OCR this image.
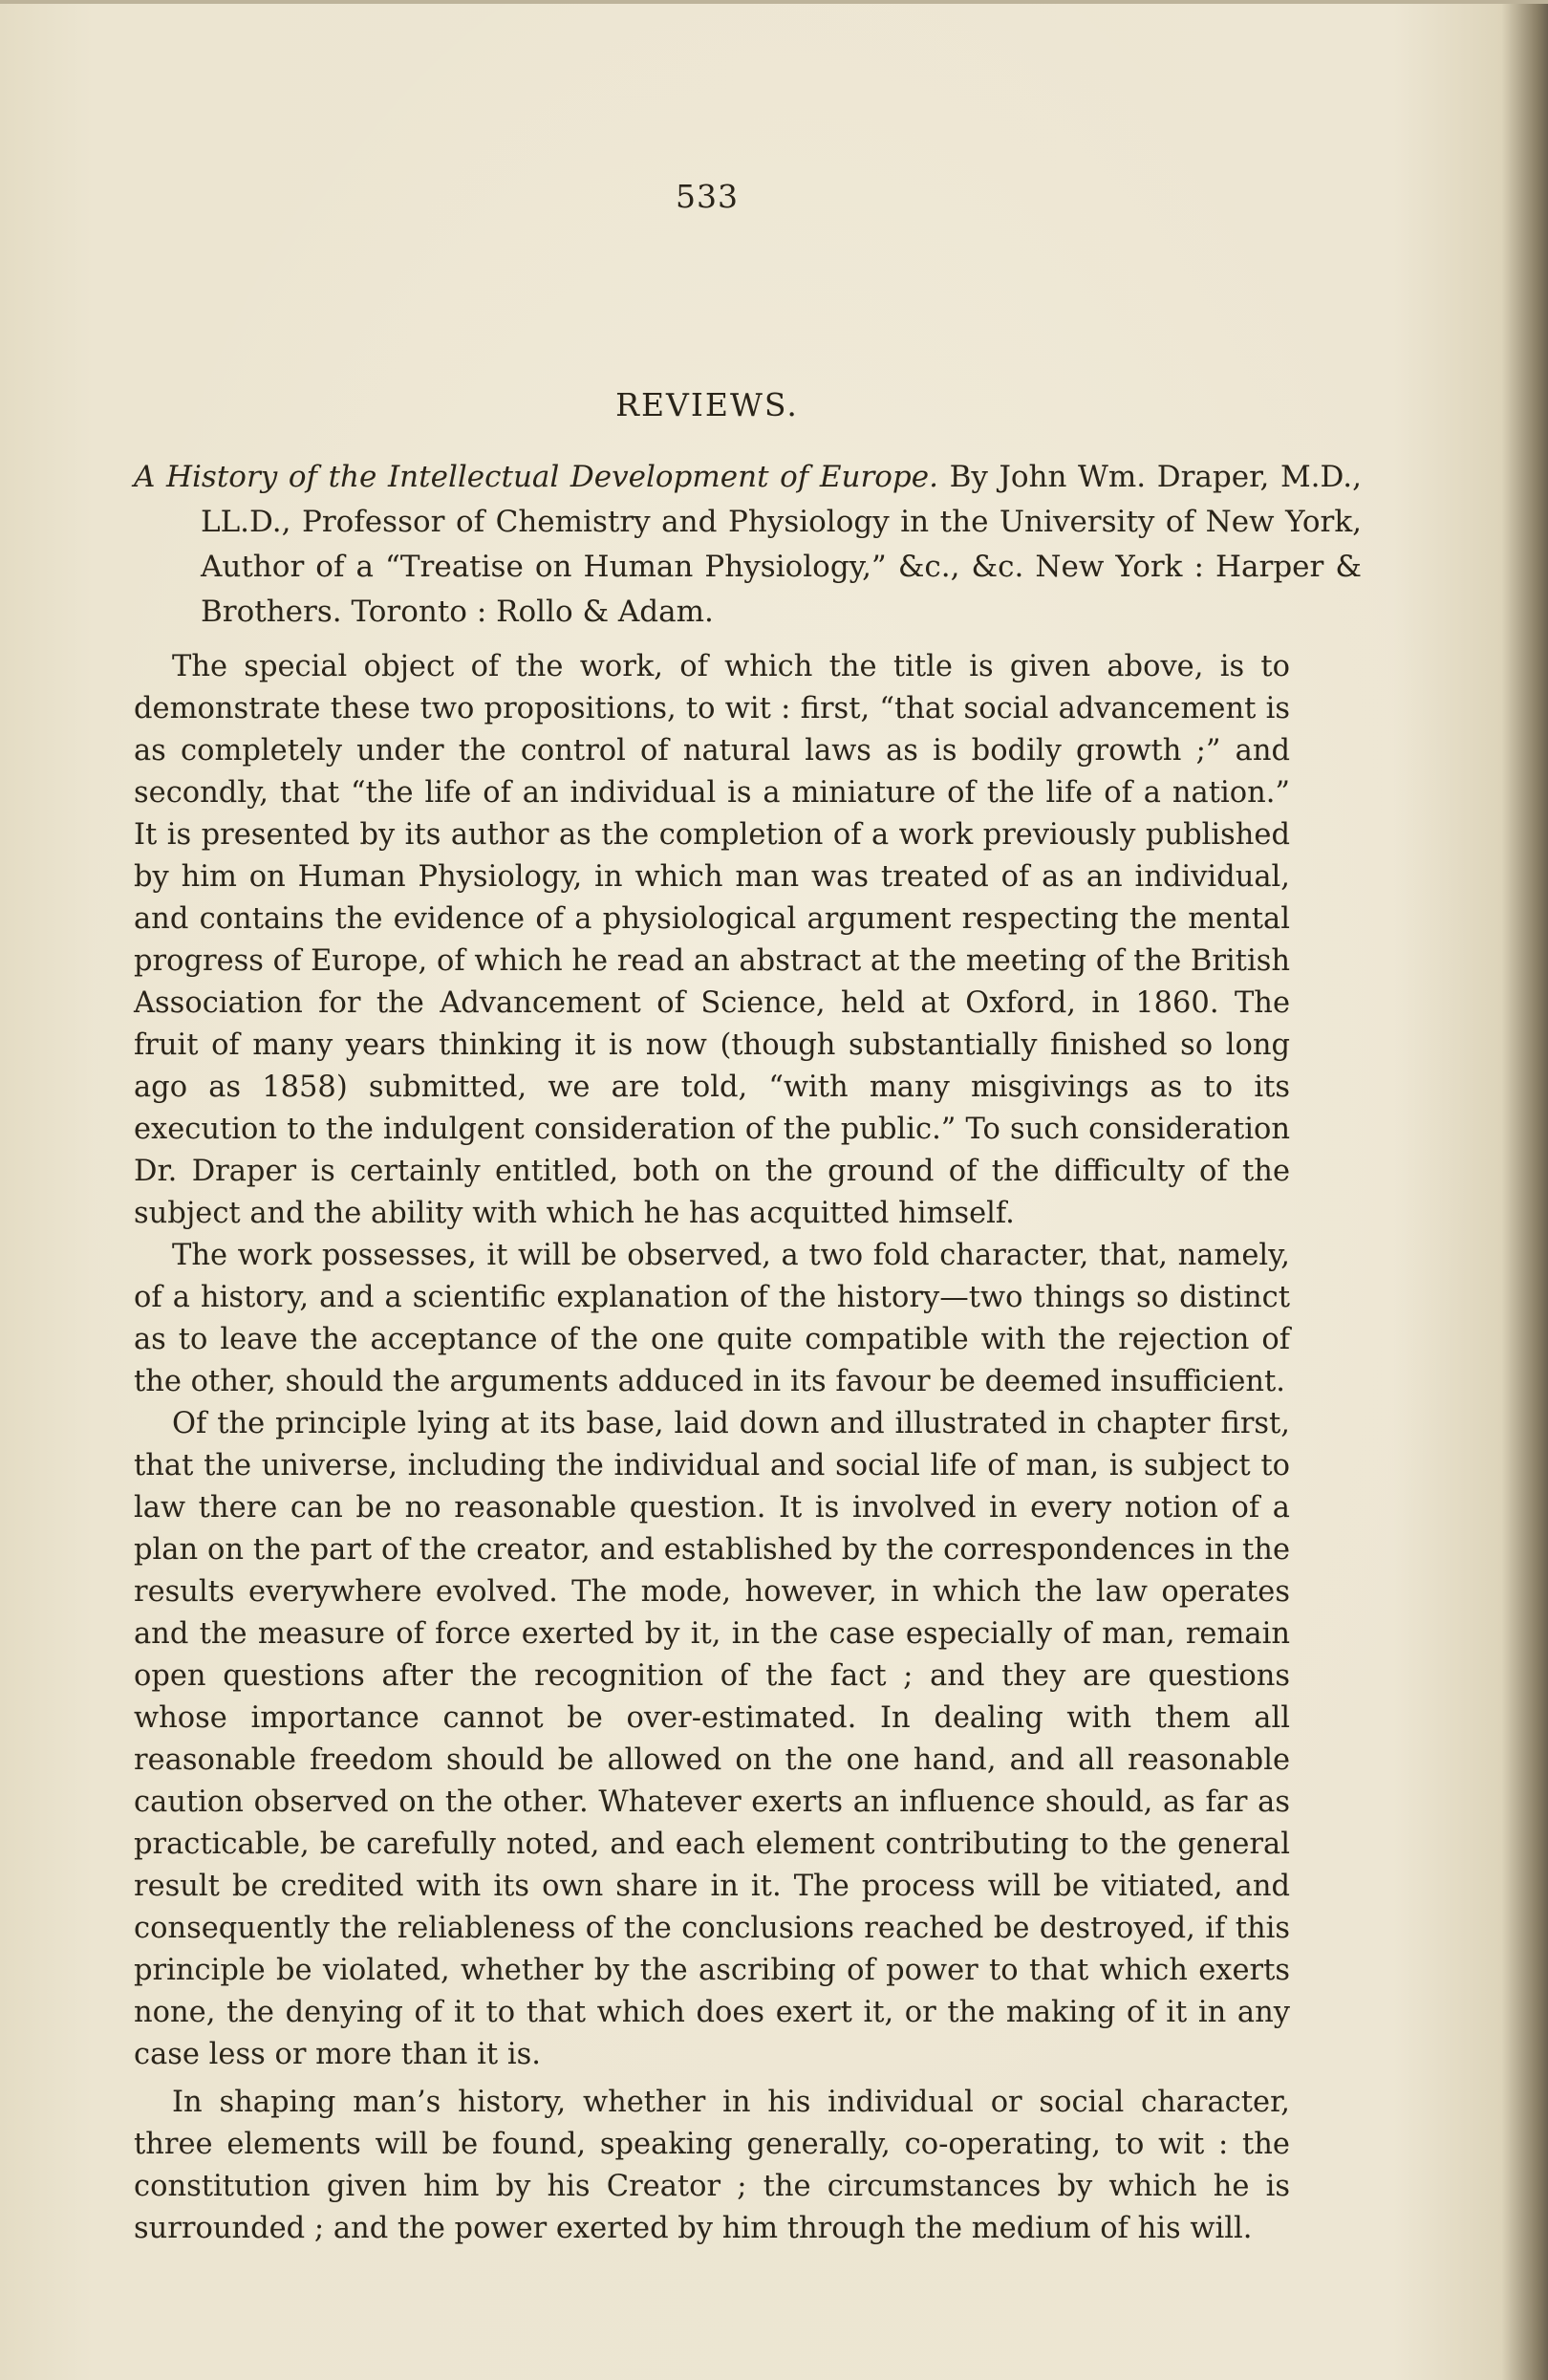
533
REVIEWS.
A History of the Intellectual Development of Europe. By John Wm. Draper, M.D., LL.D., Professor of Chemistry and Physiology in the University of New York, Author of a “Treatise on Human Physiology,” &c., &c. New York : Harper & Brothers. Toronto : Rollo & Adam.

The special object of the work, of which the title is given above, is to demonstrate these two propositions, to wit : first, “that social advancement is as completely under the control of natural laws as is bodily growth ;” and secondly, that “the life of an individual is a miniature of the life of a nation.” It is presented by its author as the completion of a work previously published by him on Human Physiology, in which man was treated of as an individual, and contains the evidence of a physiological argument respecting the mental progress of Europe, of which he read an abstract at the meeting of the British Association for the Advancement of Science, held at Oxford, in 1860. The fruit of many years thinking it is now (though substantially finished so long ago as 1858) submitted, we are told, “with many misgivings as to its execution to the indulgent consideration of the public.” To such consideration Dr. Draper is certainly entitled, both on the ground of the difficulty of the subject and the ability with which he has acquitted himself.

The work possesses, it will be observed, a two fold character, that, namely, of a history, and a scientific explanation of the history—two things so distinct as to leave the acceptance of the one quite compatible with the rejection of the other, should the arguments adduced in its favour be deemed insufficient.

Of the principle lying at its base, laid down and illustrated in chapter first, that the universe, including the individual and social life of man, is subject to law there can be no reasonable question. It is involved in every notion of a plan on the part of the creator, and established by the correspondences in the results everywhere evolved. The mode, however, in which the law operates and the measure of force exerted by it, in the case especially of man, remain open questions after the recognition of the fact ; and they are questions whose importance cannot be over-estimated. In dealing with them all reasonable freedom should be allowed on the one hand, and all reasonable caution observed on the other. Whatever exerts an influence should, as far as practicable, be carefully noted, and each element contributing to the general result be credited with its own share in it. The process will be vitiated, and consequently the reliableness of the conclusions reached be destroyed, if this principle be violated, whether by the ascribing of power to that which exerts none, the denying of it to that which does exert it, or the making of it in any case less or more than it is.

In shaping man’s history, whether in his individual or social character, three elements will be found, speaking generally, co-operating, to wit : the constitution given him by his Creator ; the circumstances by which he is surrounded ; and the power exerted by him through the medium of his will.
